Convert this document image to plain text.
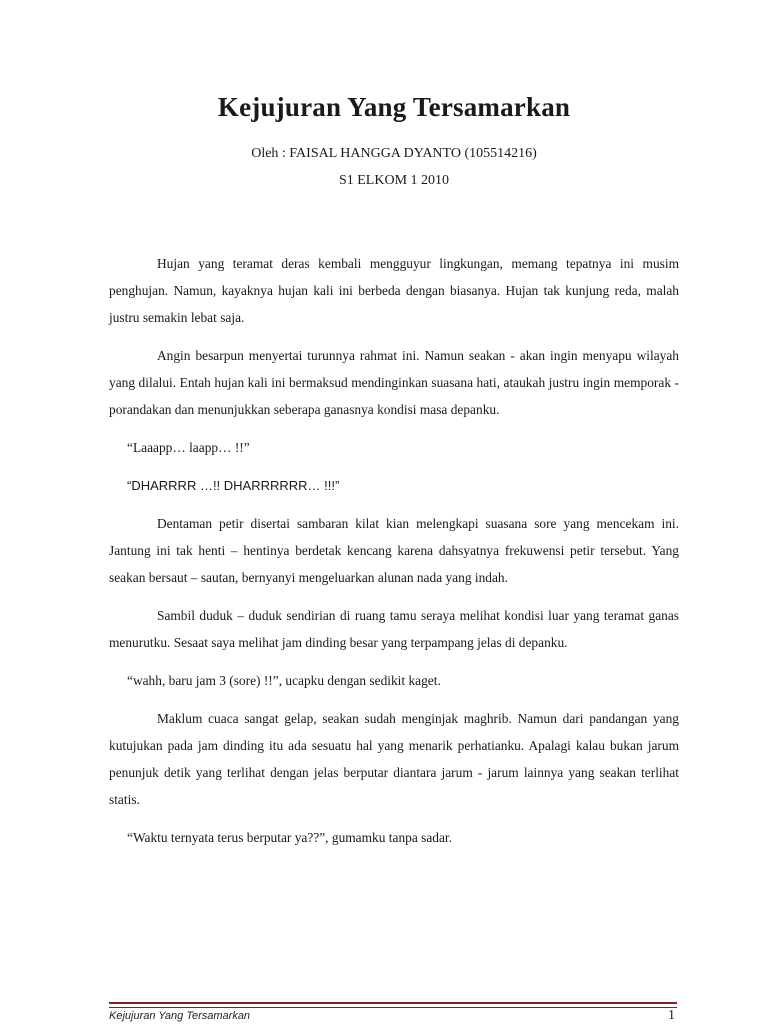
Kejujuran Yang Tersamarkan

Oleh : FAISAL HANGGA DYANTO (105514216)

S1 ELKOM 1 2010

Hujan yang teramat deras kembali mengguyur lingkungan, memang tepatnya ini musim penghujan. Namun, kayaknya hujan kali ini berbeda dengan biasanya. Hujan tak kunjung reda, malah justru semakin lebat saja.

Angin besarpun menyertai turunnya rahmat ini. Namun seakan - akan ingin menyapu wilayah yang dilalui. Entah hujan kali ini bermaksud mendinginkan suasana hati, ataukah justru ingin memporak - porandakan dan menunjukkan seberapa ganasnya kondisi masa depanku.

“Laaapp… laapp… !!”

“DHARRRR …!! DHARRRRRR… !!!”

Dentaman petir disertai sambaran kilat kian melengkapi suasana sore yang mencekam ini. Jantung ini tak henti – hentinya berdetak kencang karena dahsyatnya frekuwensi petir tersebut. Yang seakan bersaut – sautan, bernyanyi mengeluarkan alunan nada yang indah.

Sambil duduk – duduk sendirian di ruang tamu seraya melihat kondisi luar yang teramat ganas menurutku. Sesaat saya melihat jam dinding besar yang terpampang jelas di depanku.

“wahh, baru jam 3 (sore) !!”, ucapku dengan sedikit kaget.

Maklum cuaca sangat gelap, seakan sudah menginjak maghrib. Namun dari pandangan yang kutujukan pada jam dinding itu ada sesuatu hal yang menarik perhatianku. Apalagi kalau bukan jarum penunjuk detik yang terlihat dengan jelas berputar diantara jarum - jarum lainnya yang seakan terlihat statis.

“Waktu ternyata terus berputar ya??”, gumamku tanpa sadar.

Kejujuran Yang Tersamarkan	1
